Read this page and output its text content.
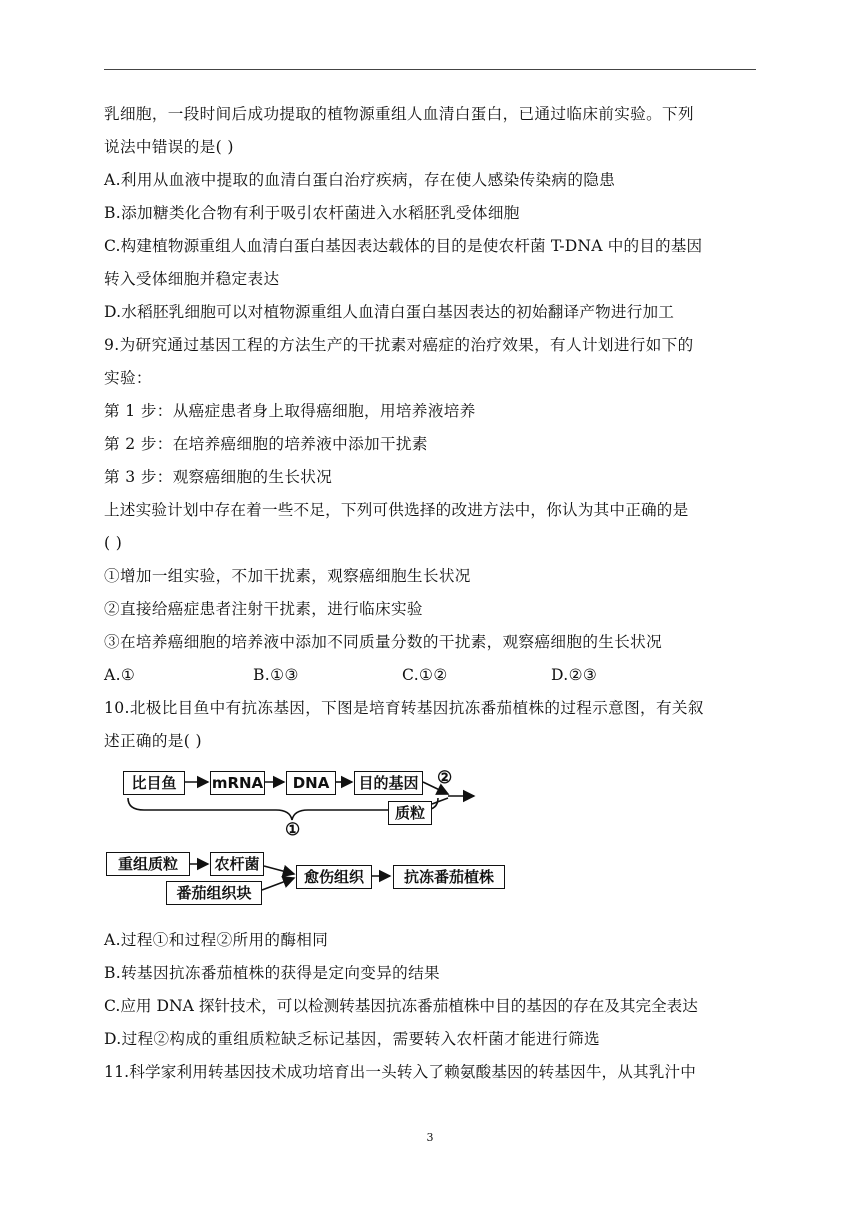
乳细胞，一段时间后成功提取的植物源重组人血清白蛋白，已通过临床前实验。下列
说法中错误的是( )
A.利用从血液中提取的血清白蛋白治疗疾病，存在使人感染传染病的隐患
B.添加糖类化合物有利于吸引农杆菌进入水稻胚乳受体细胞
C.构建植物源重组人血清白蛋白基因表达载体的目的是使农杆菌 T-DNA 中的目的基因
转入受体细胞并稳定表达
D.水稻胚乳细胞可以对植物源重组人血清白蛋白基因表达的初始翻译产物进行加工
9.为研究通过基因工程的方法生产的干扰素对癌症的治疗效果，有人计划进行如下的
实验：
第 1 步：从癌症患者身上取得癌细胞，用培养液培养
第 2 步：在培养癌细胞的培养液中添加干扰素
第 3 步：观察癌细胞的生长状况
上述实验计划中存在着一些不足，下列可供选择的改进方法中，你认为其中正确的是
( )
①增加一组实验，不加干扰素，观察癌细胞生长状况
②直接给癌症患者注射干扰素，进行临床实验
③在培养癌细胞的培养液中添加不同质量分数的干扰素，观察癌细胞的生长状况
A.①	B.①③	C.①②	D.②③
10.北极比目鱼中有抗冻基因，下图是培育转基因抗冻番茄植株的过程示意图，有关叙
述正确的是( )
比目鱼	mRNA	DNA	目的基因 ②
质粒
①
重组质粒	农杆菌
番茄组织块
愈伤组织	抗冻番茄植株
A.过程①和过程②所用的酶相同
B.转基因抗冻番茄植株的获得是定向变异的结果
C.应用 DNA 探针技术，可以检测转基因抗冻番茄植株中目的基因的存在及其完全表达
D.过程②构成的重组质粒缺乏标记基因，需要转入农杆菌才能进行筛选
11.科学家利用转基因技术成功培育出一头转入了赖氨酸基因的转基因牛，从其乳汁中
3
